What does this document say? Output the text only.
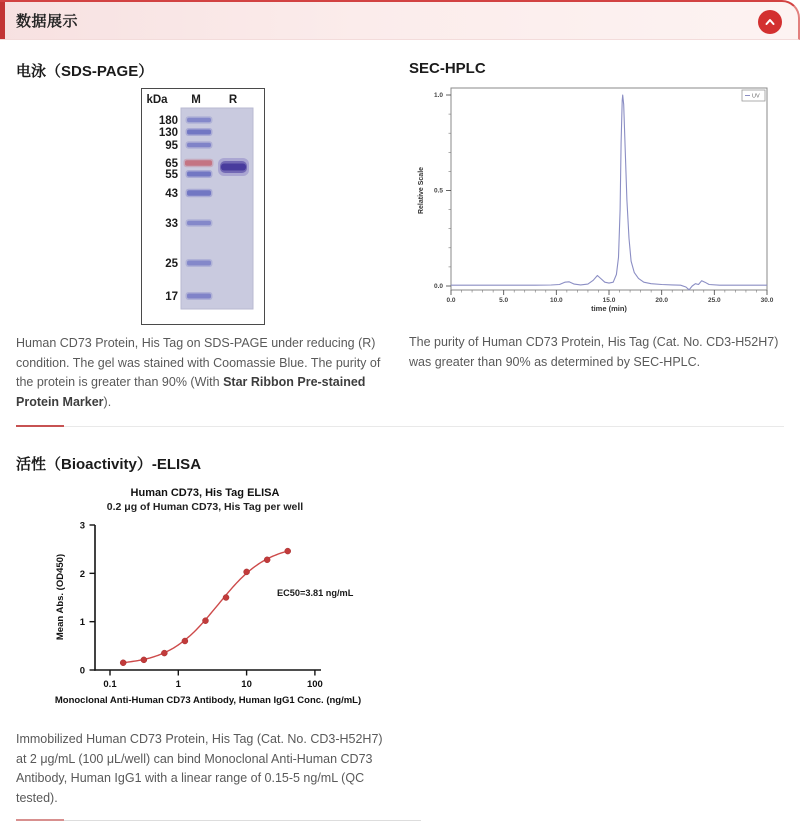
数据展示
电泳（SDS-PAGE）
kDa M R
180
130
95
65
55
43
33
25
17

Human CD73 Protein, His Tag on SDS-PAGE under reducing (R) condition. The gel was stained with Coomassie Blue. The purity of the protein is greater than 90% (With Star Ribbon Pre-stained Protein Marker).

SEC-HPLC
0.0	5.0	10.0	15.0	20.0	25.0	30.0
0.0
0.5
1.0
time (min)
Relative Scale
UV

The purity of Human CD73 Protein, His Tag (Cat. No. CD3-H52H7) was greater than 90% as determined by SEC-HPLC.

活性（Bioactivity）-ELISA
Human CD73, His Tag ELISA
0.2 μg of Human CD73, His Tag per well
0
1
2
3
0.1	1	10	100
Monoclonal Anti-Human CD73 Antibody, Human IgG1 Conc. (ng/mL)
Mean Abs. (OD450)	EC50=3.81 ng/mL

Immobilized Human CD73 Protein, His Tag (Cat. No. CD3-H52H7) at 2 μg/mL (100 μL/well) can bind Monoclonal Anti-Human CD73 Antibody, Human IgG1 with a linear range of 0.15-5 ng/mL (QC tested).
